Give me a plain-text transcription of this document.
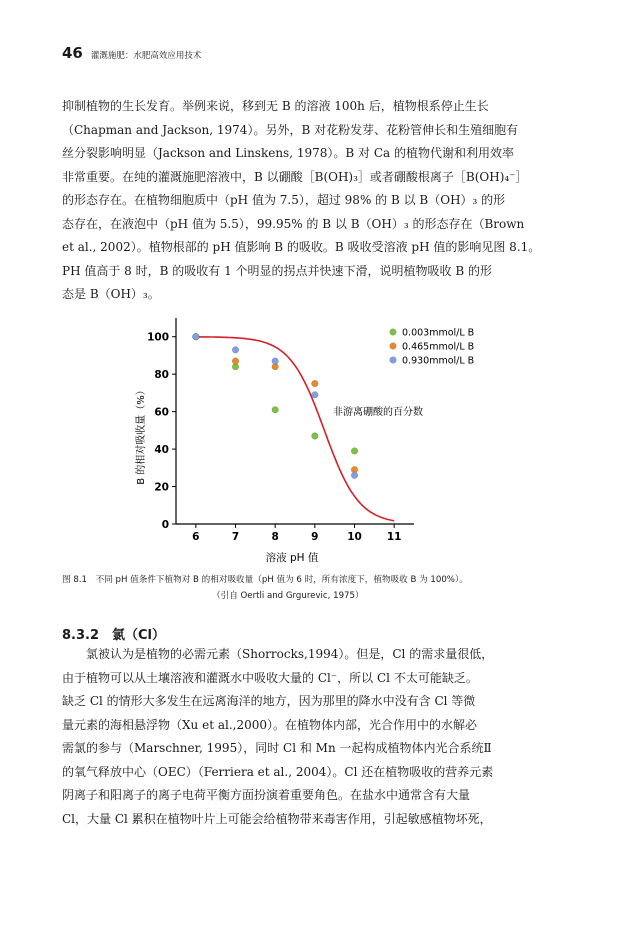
46 灌溉施肥：水肥高效应用技术

抑制植物的生长发育。举例来说，移到无 B 的溶液 100h 后，植物根系停止生长

（Chapman and Jackson, 1974）。另外，B 对花粉发芽、花粉管伸长和生殖细胞有

丝分裂影响明显（Jackson and Linskens, 1978）。B 对 Ca 的植物代谢和利用效率

非常重要。在纯的灌溉施肥溶液中，B 以硼酸［B(OH)₃］或者硼酸根离子［B(OH)₄⁻］

的形态存在。在植物细胞质中（pH 值为 7.5），超过 98% 的 B 以 B（OH）₃ 的形

态存在，在液泡中（pH 值为 5.5），99.95% 的 B 以 B（OH）₃ 的形态存在（Brown

et al., 2002）。植物根部的 pH 值影响 B 的吸收。B 吸收受溶液 pH 值的影响见图 8.1。

PH 值高于 8 时，B 的吸收有 1 个明显的拐点并快速下滑，说明植物吸收 B 的形

态是 B（OH）₃。

6	7	8	9	10 11
0
20
40
60
80
100	0.003mmol/L B
0.465mmol/L B
0.930mmol/L B
B 的相对吸收量（%）
溶液 pH 值
非游离硼酸的百分数
图 8.1　不同 pH 值条件下植物对 B 的相对吸收量（pH 值为 6 时，所有浓度下，植物吸收 B 为 100%）。
（引自 Oertli and Grgurevic, 1975）
8.3.2　氯（Cl）

氯被认为是植物的必需元素（Shorrocks,1994）。但是，Cl 的需求量很低，

由于植物可以从土壤溶液和灌溉水中吸收大量的 Cl⁻，所以 Cl 不太可能缺乏。

缺乏 Cl 的情形大多发生在远离海洋的地方，因为那里的降水中没有含 Cl 等微

量元素的海相悬浮物（Xu et al.,2000）。在植物体内部，光合作用中的水解必

需氯的参与（Marschner, 1995），同时 Cl 和 Mn 一起构成植物体内光合系统Ⅱ

的氧气释放中心（OEC）（Ferriera et al., 2004）。Cl 还在植物吸收的营养元素

阴离子和阳离子的离子电荷平衡方面扮演着重要角色。在盐水中通常含有大量

Cl，大量 Cl 累积在植物叶片上可能会给植物带来毒害作用，引起敏感植物坏死，
